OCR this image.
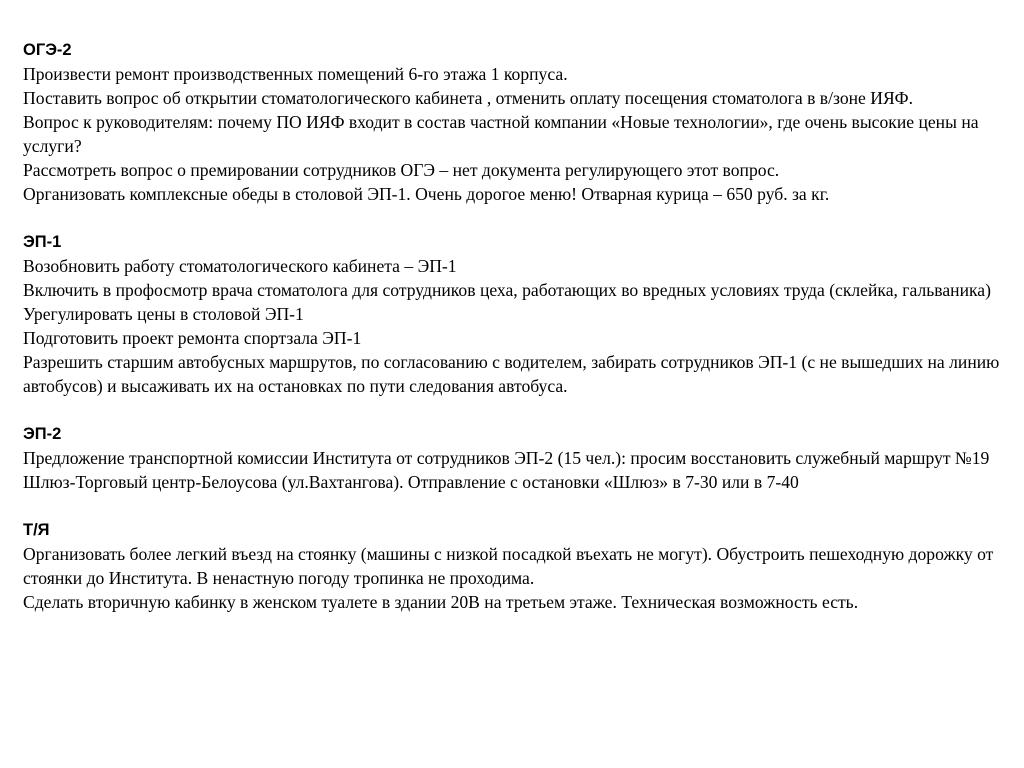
ОГЭ-2

Произвести ремонт производственных помещений 6-го этажа 1 корпуса.

Поставить вопрос об открытии стоматологического кабинета , отменить оплату посещения стоматолога в в/зоне ИЯФ.

Вопрос к руководителям: почему ПО ИЯФ входит в состав частной компании «Новые технологии», где очень высокие цены на услуги?

Рассмотреть вопрос о премировании сотрудников ОГЭ – нет документа регулирующего этот вопрос.

Организовать комплексные обеды в столовой ЭП-1. Очень дорогое меню! Отварная курица – 650 руб. за кг.

ЭП-1

Возобновить работу стоматологического кабинета – ЭП-1

Включить в профосмотр врача стоматолога для сотрудников цеха, работающих во вредных условиях труда (склейка, гальваника)

Урегулировать цены в столовой ЭП-1

Подготовить проект ремонта спортзала ЭП-1

Разрешить старшим автобусных маршрутов, по согласованию с водителем, забирать сотрудников ЭП-1 (с не вышедших на линию автобусов) и высаживать их на остановках по пути следования автобуса.

ЭП-2

Предложение транспортной комиссии Института от сотрудников ЭП-2 (15 чел.): просим восстановить служебный маршрут №19 Шлюз-Торговый центр-Белоусова (ул.Вахтангова). Отправление с остановки «Шлюз» в 7-30 или в 7-40

Т/Я

Организовать более легкий въезд на стоянку (машины с низкой посадкой въехать не могут). Обустроить пешеходную дорожку от стоянки до Института. В ненастную погоду тропинка не проходима.

Сделать вторичную кабинку в женском туалете в здании 20В на третьем этаже. Техническая возможность есть.
